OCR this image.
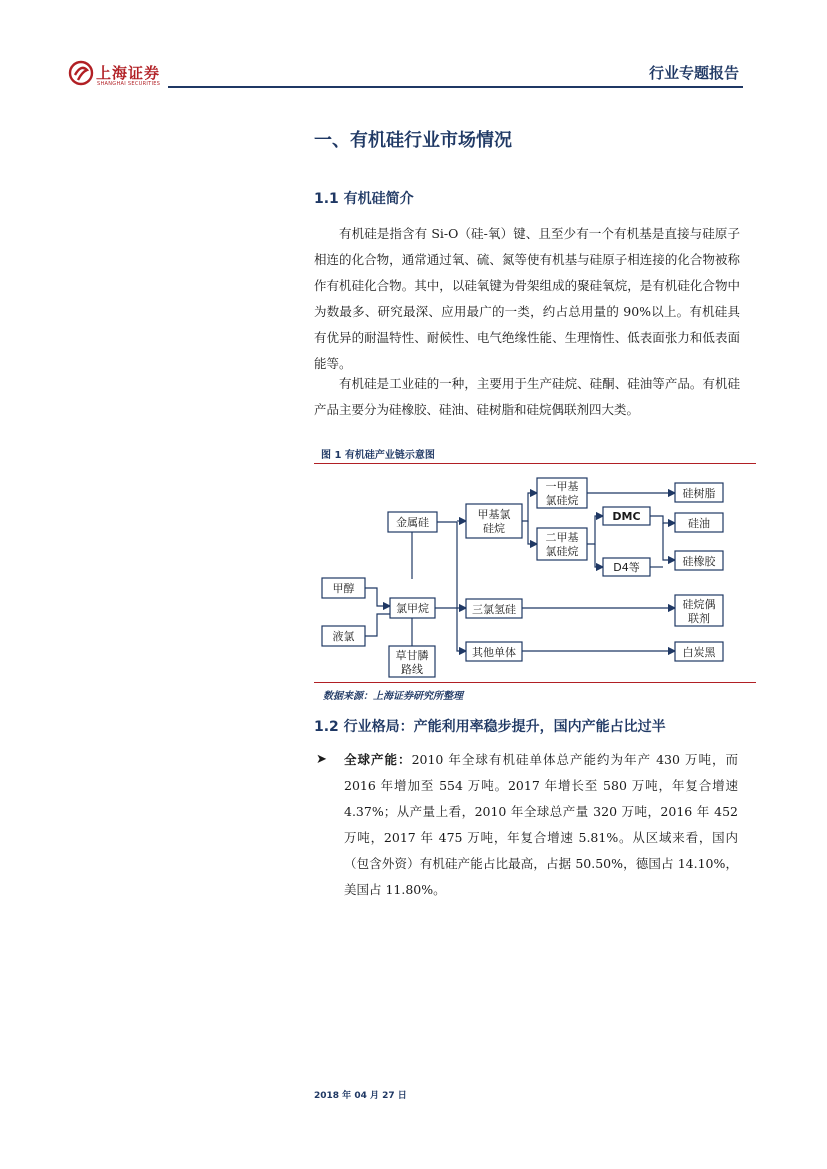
上海证券
SHANGHAI SECURITIES
行业专题报告
一、有机硅行业市场情况
1.1 有机硅简介
有机硅是指含有 Si-O（硅-氧）键、且至少有一个有机基是直接与硅原子相连的化合物，通常通过氧、硫、氮等使有机基与硅原子相连接的化合物被称作有机硅化合物。其中，以硅氧键为骨架组成的聚硅氧烷，是有机硅化合物中为数最多、研究最深、应用最广的一类，约占总用量的 90%以上。有机硅具有优异的耐温特性、耐候性、电气绝缘性能、生理惰性、低表面张力和低表面能等。
有机硅是工业硅的一种，主要用于生产硅烷、硅酮、硅油等产品。有机硅产品主要分为硅橡胶、硅油、硅树脂和硅烷偶联剂四大类。
图 1 有机硅产业链示意图
甲醇
液氯
氯甲烷
金属硅
草甘膦
路线
甲基氯
硅烷
一甲基
氯硅烷
二甲基
氯硅烷
DMC
D4等
三氯氢硅
其他单体
硅树脂
硅油
硅橡胶
硅烷偶
联剂
白炭黑
数据来源：上海证券研究所整理
1.2 行业格局：产能利用率稳步提升，国内产能占比过半
➤ 全球产能：2010 年全球有机硅单体总产能约为年产 430 万吨，而 2016 年增加至 554 万吨。2017 年增长至 580 万吨，年复合增速 4.37%；从产量上看，2010 年全球总产量 320 万吨，2016 年 452 万吨，2017 年 475 万吨，年复合增速 5.81%。从区域来看，国内（包含外资）有机硅产能占比最高，占据 50.50%，德国占 14.10%，美国占 11.80%。
2018 年 04 月 27 日
